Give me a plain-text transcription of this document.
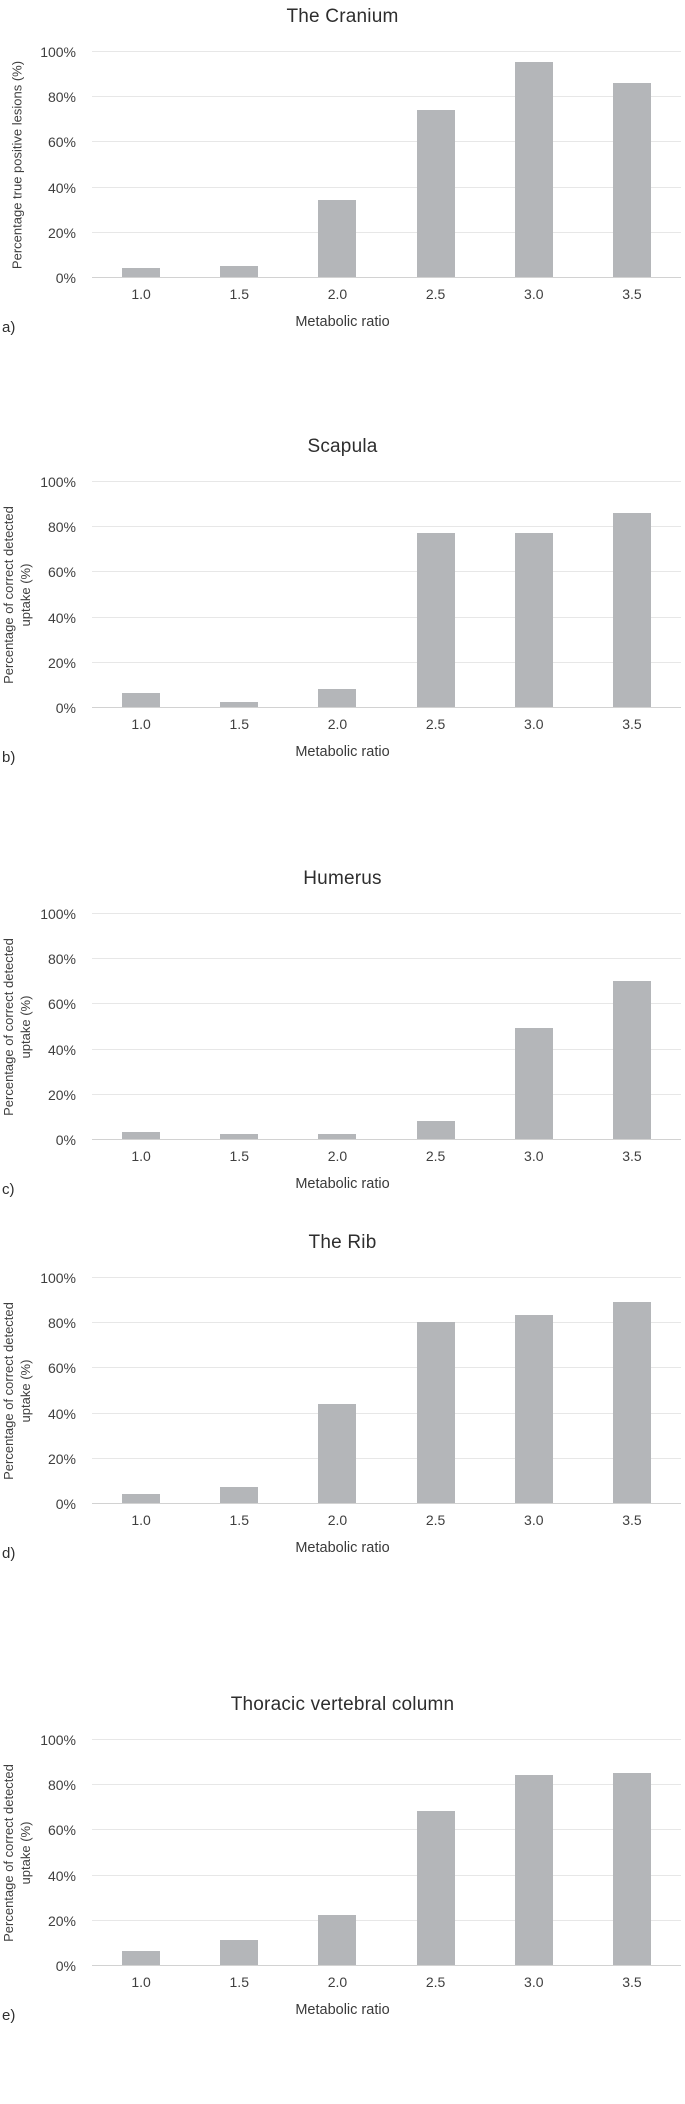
The Cranium
Percentage true positive lesions (%)
0%
20%
40%
60%
80%
100%
1.0	1.5	2.0	2.5	3.0	3.5
Metabolic ratio
a)
Scapula
Percentage of correct detected uptake (%)
0%
20%
40%
60%
80%
100%
1.0	1.5	2.0	2.5	3.0	3.5
Metabolic ratio
b)
Humerus
Percentage of correct detected uptake (%)
0%
20%
40%
60%
80%
100%
1.0	1.5	2.0	2.5	3.0	3.5
Metabolic ratio
c)
The Rib
Percentage of correct detected uptake (%)
0%
20%
40%
60%
80%
100%
1.0	1.5	2.0	2.5	3.0	3.5
Metabolic ratio
d)
Thoracic vertebral column
Percentage of correct detected uptake (%)
0%
20%
40%
60%
80%
100%
1.0	1.5	2.0	2.5	3.0	3.5
Metabolic ratio
e)
